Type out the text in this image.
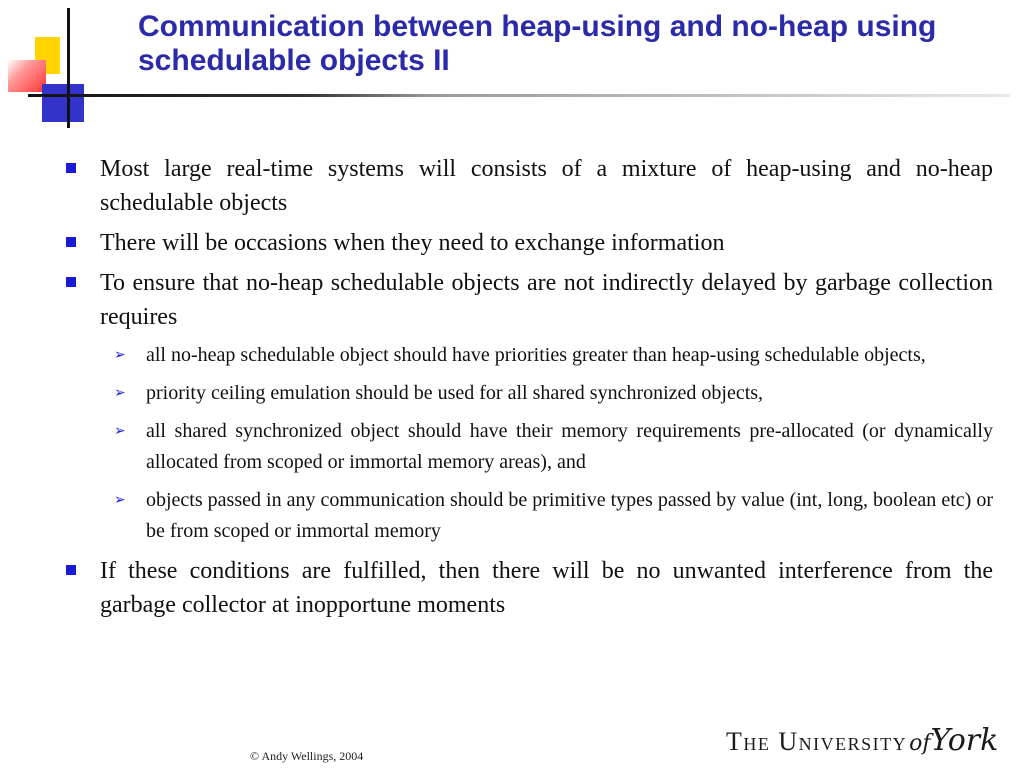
Communication between heap-using and no-heap using
schedulable objects II
Most large real-time systems will consists of a mixture of heap-using and no-heap schedulable objects
There will be occasions when they need to exchange information
To ensure that no-heap schedulable objects are not indirectly delayed by garbage collection requires
➢ all no-heap schedulable object should have priorities greater than heap-using schedulable objects,
➢ priority ceiling emulation should be used for all shared synchronized objects,
➢ all shared synchronized object should have their memory requirements pre-allocated (or dynamically allocated from scoped or immortal memory areas), and
➢ objects passed in any communication should be primitive types passed by value (int, long, boolean etc) or be from scoped or immortal memory
If these conditions are fulfilled, then there will be no unwanted interference from the garbage collector at inopportune moments
© Andy Wellings, 2004	The UniversityofYork
